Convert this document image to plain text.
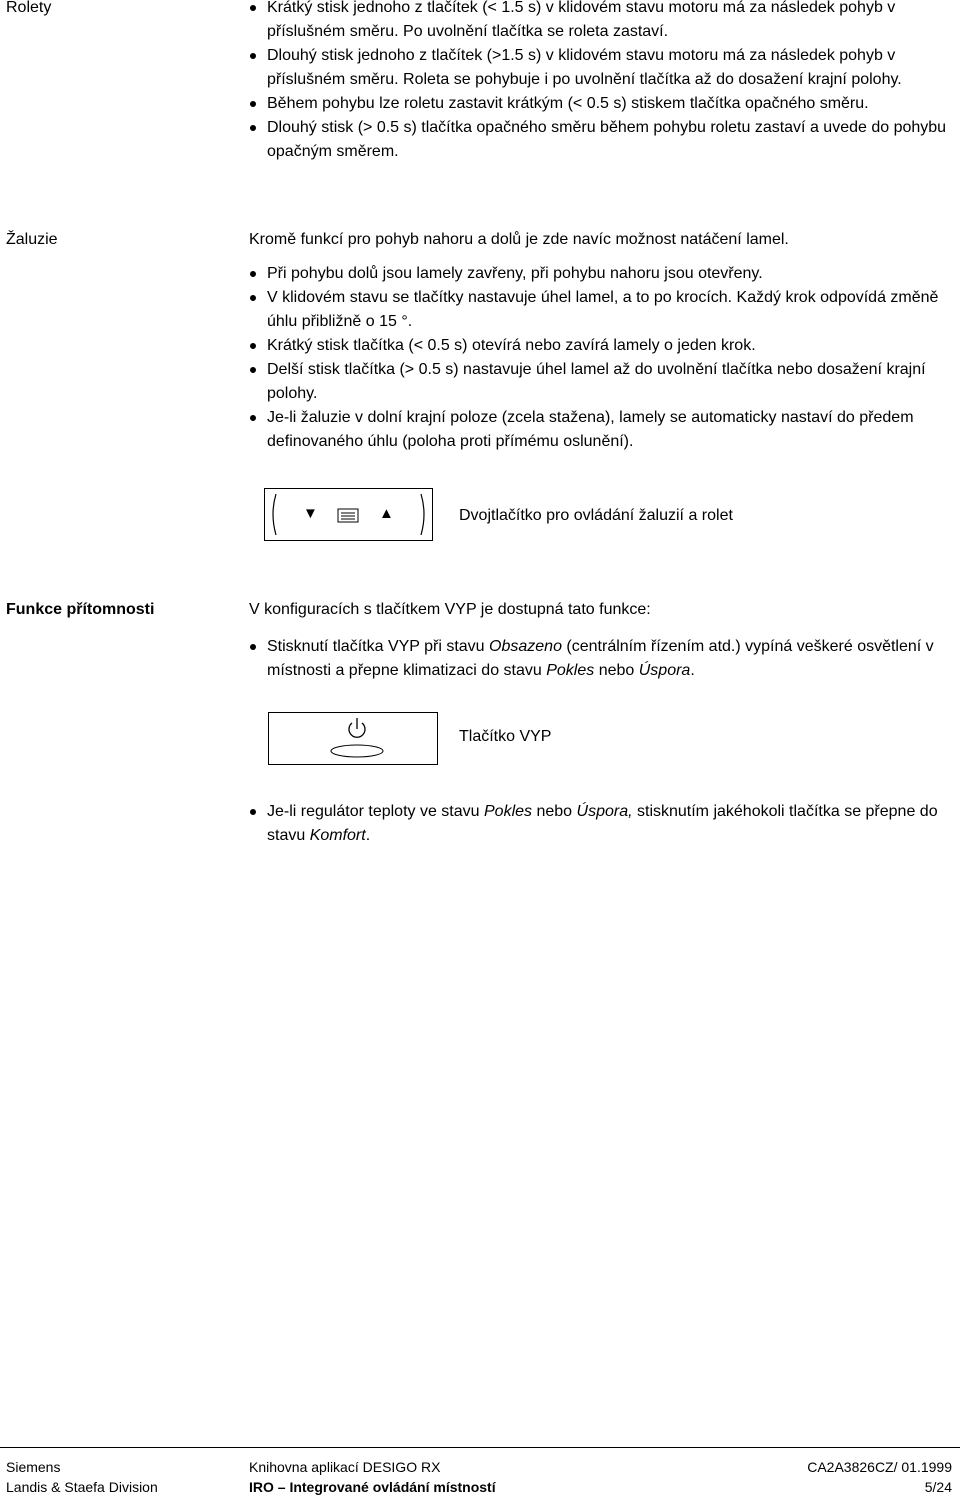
Rolety	Krátký stisk jednoho z tlačítek (< 1.5 s) v klidovém stavu motoru má za následek pohyb v příslušném směru. Po uvolnění tlačítka se roleta zastaví.
Dlouhý stisk jednoho z tlačítek (>1.5 s) v klidovém stavu motoru má za následek pohyb v příslušném směru. Roleta se pohybuje i po uvolnění tlačítka až do dosažení krajní polohy.
Během pohybu lze roletu zastavit krátkým (< 0.5 s) stiskem tlačítka opačného směru.
Dlouhý stisk (> 0.5 s) tlačítka opačného směru během pohybu roletu zastaví a uvede do pohybu opačným směrem.
Žaluzie	Kromě funkcí pro pohyb nahoru a dolů je zde navíc možnost natáčení lamel.

Při pohybu dolů jsou lamely zavřeny, při pohybu nahoru jsou otevřeny.
V klidovém stavu se tlačítky nastavuje úhel lamel, a to po krocích. Každý krok odpovídá změně úhlu přibližně o 15 °.
Krátký stisk tlačítka (< 0.5 s) otevírá nebo zavírá lamely o jeden krok.
Delší stisk tlačítka (> 0.5 s) nastavuje úhel lamel až do uvolnění tlačítka nebo dosažení krajní polohy.
Je-li žaluzie v dolní krajní poloze (zcela stažena), lamely se automaticky nastaví do předem definovaného úhlu (poloha proti přímému oslunění).
▼	▲	Dvojtlačítko pro ovládání žaluzií a rolet
Funkce přítomnosti	V konfiguracích s tlačítkem VYP je dostupná tato funkce:

Stisknutí tlačítka VYP při stavu Obsazeno (centrálním řízením atd.) vypíná veškeré osvětlení v místnosti a přepne klimatizaci do stavu Pokles nebo Úspora.
Tlačítko VYP
Je-li regulátor teploty ve stavu Pokles nebo Úspora, stisknutím jakéhokoli tlačítka se přepne do stavu Komfort.
Siemens
Landis & Staefa Division
Knihovna aplikací DESIGO RX
IRO – Integrované ovládání místností
CA2A3826CZ/ 01.1999
5/24
